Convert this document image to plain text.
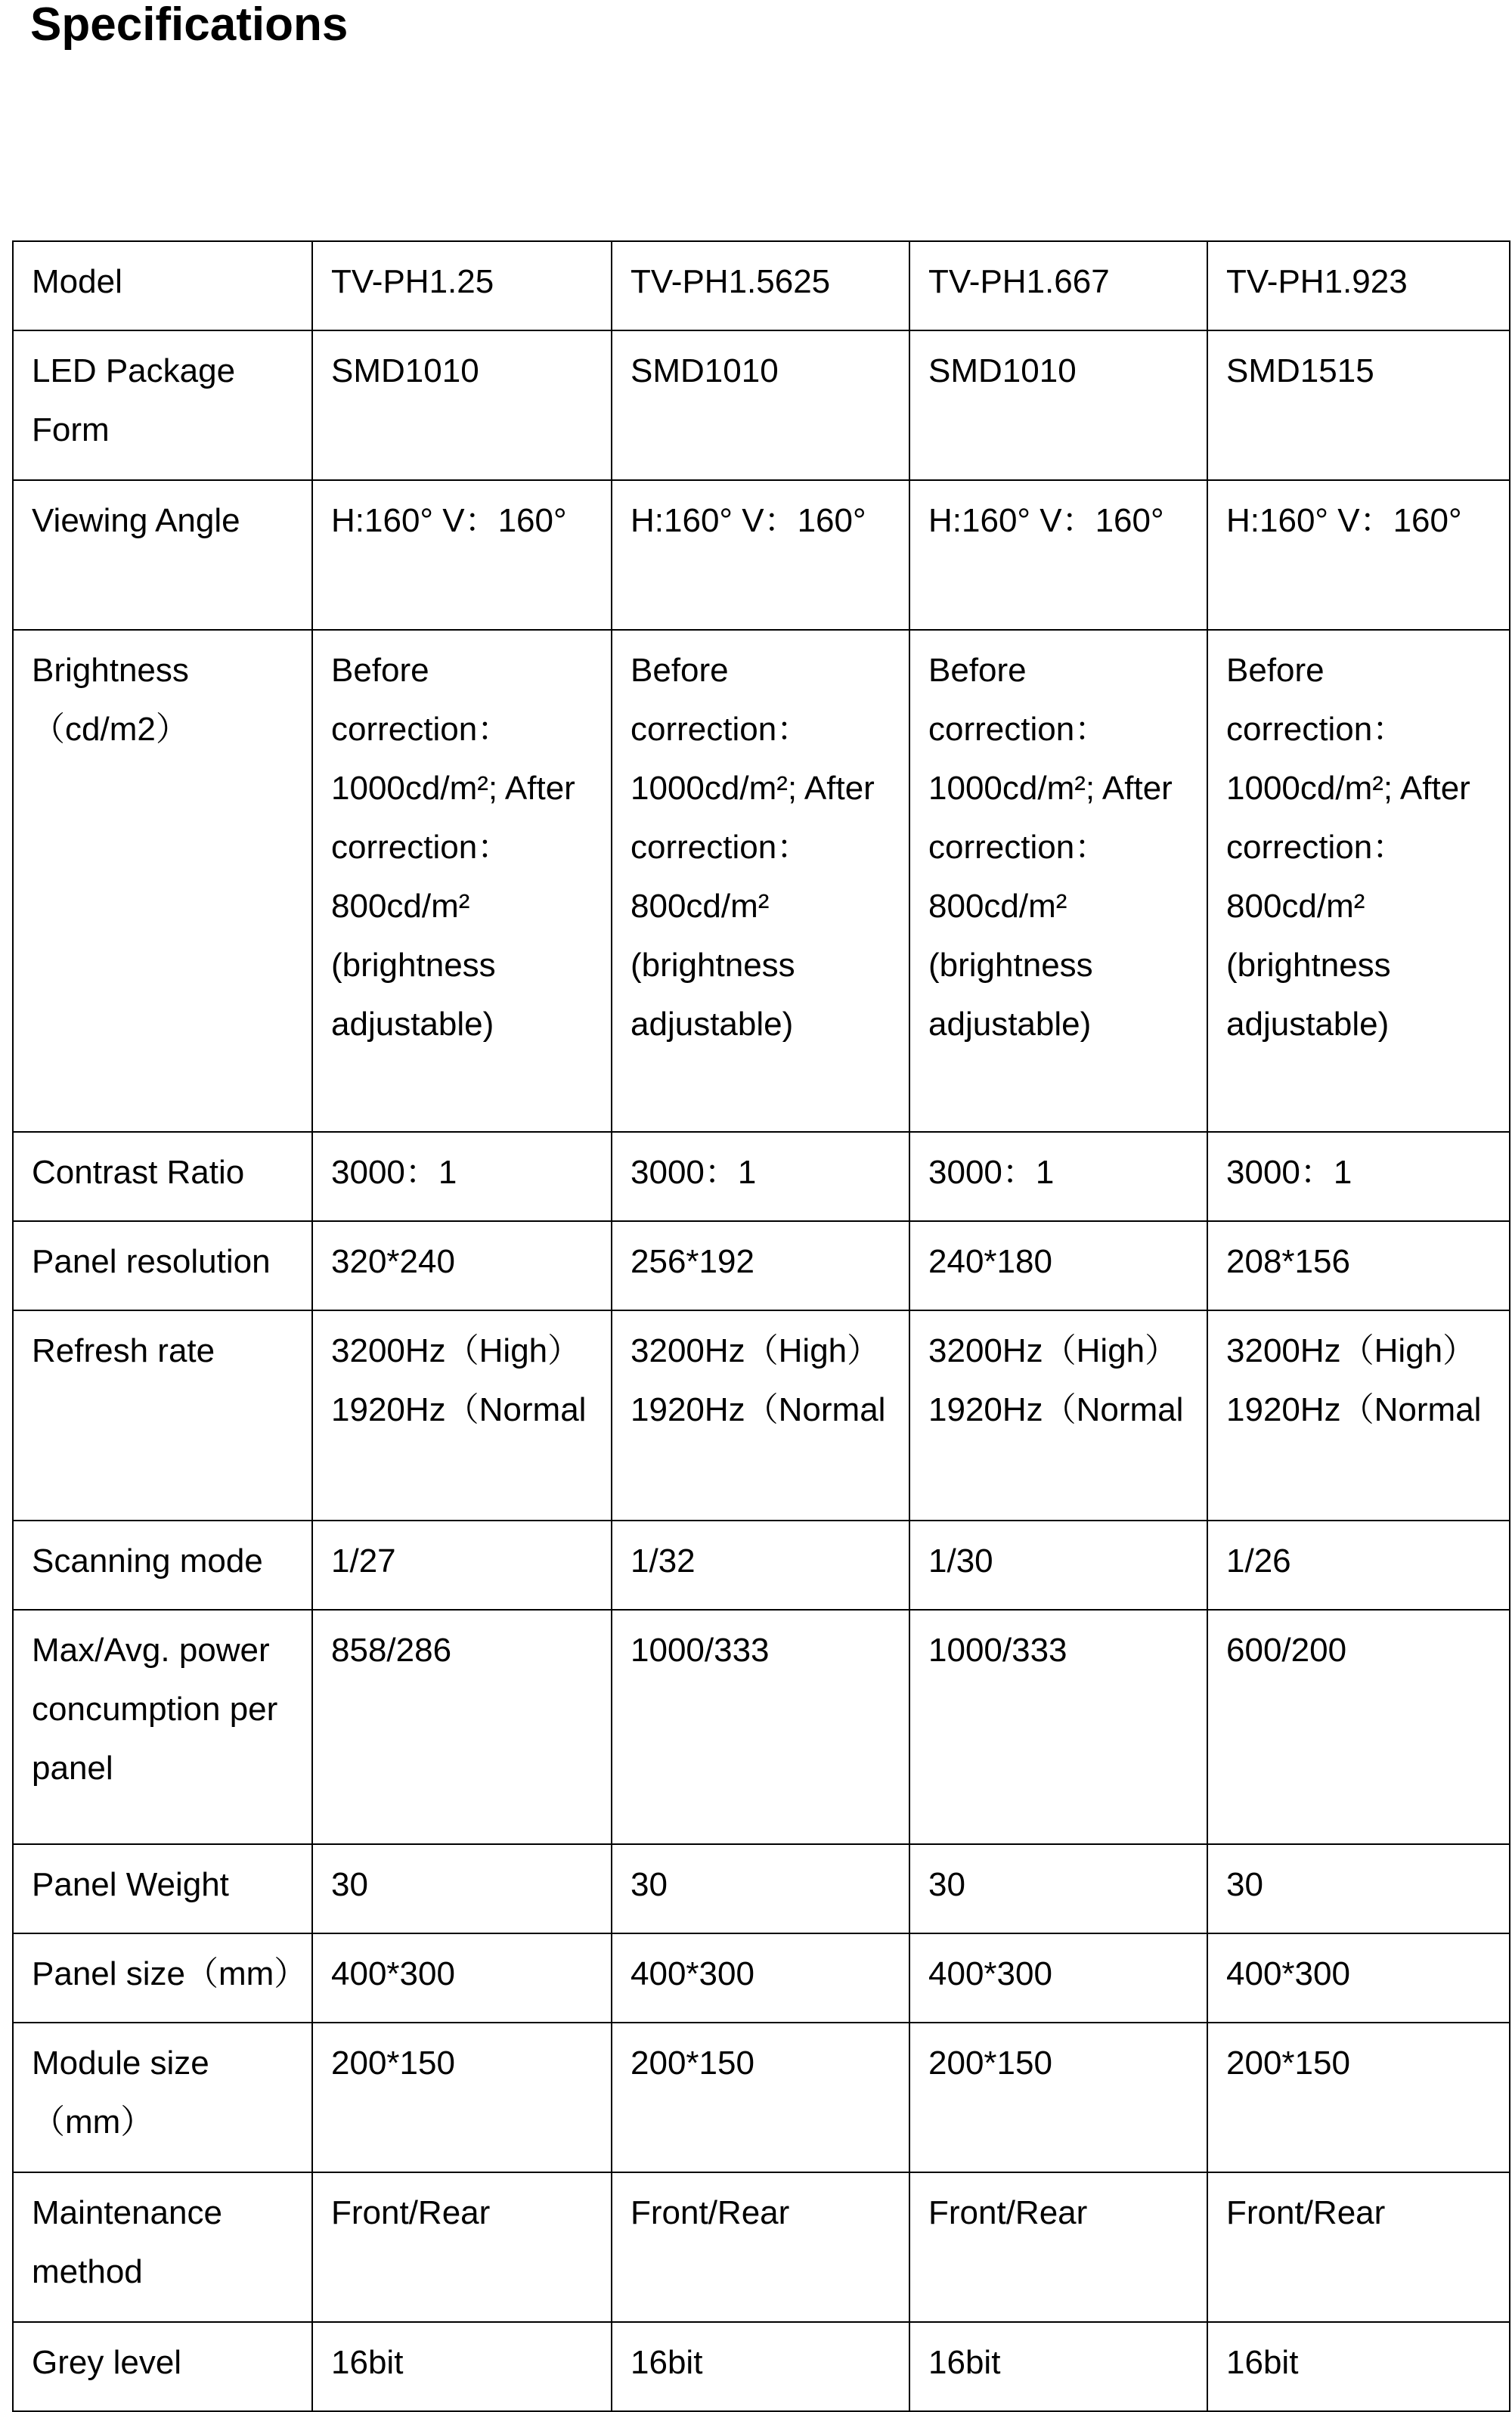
Specifications
Model	TV-PH1.25	TV-PH1.5625	TV-PH1.667	TV-PH1.923
LED Package Form	SMD1010	SMD1010	SMD1010	SMD1515
Viewing Angle	H:160° V：160°	H:160° V：160°	H:160° V：160°	H:160° V：160°
Brightness（cd/m2）	Before correction：1000cd/m²; After correction：800cd/m² (brightness adjustable)	Before correction：1000cd/m²; After correction：800cd/m² (brightness adjustable)	Before correction：1000cd/m²; After correction：800cd/m² (brightness adjustable)	Before correction：1000cd/m²; After correction：800cd/m² (brightness adjustable)
Contrast Ratio	3000：1	3000：1	3000：1	3000：1
Panel resolution	320*240	256*192	240*180	208*156
Refresh rate	3200Hz（High） 1920Hz（Normal	3200Hz（High） 1920Hz（Normal	3200Hz（High） 1920Hz（Normal	3200Hz（High） 1920Hz（Normal
Scanning mode	1/27	1/32	1/30	1/26
Max/Avg. power concumption per panel	858/286	1000/333	1000/333	600/200
Panel Weight	30	30	30	30
Panel size（mm）	400*300	400*300	400*300	400*300
Module size（mm）	200*150	200*150	200*150	200*150
Maintenance method	Front/Rear	Front/Rear	Front/Rear	Front/Rear
Grey level	16bit	16bit	16bit	16bit
